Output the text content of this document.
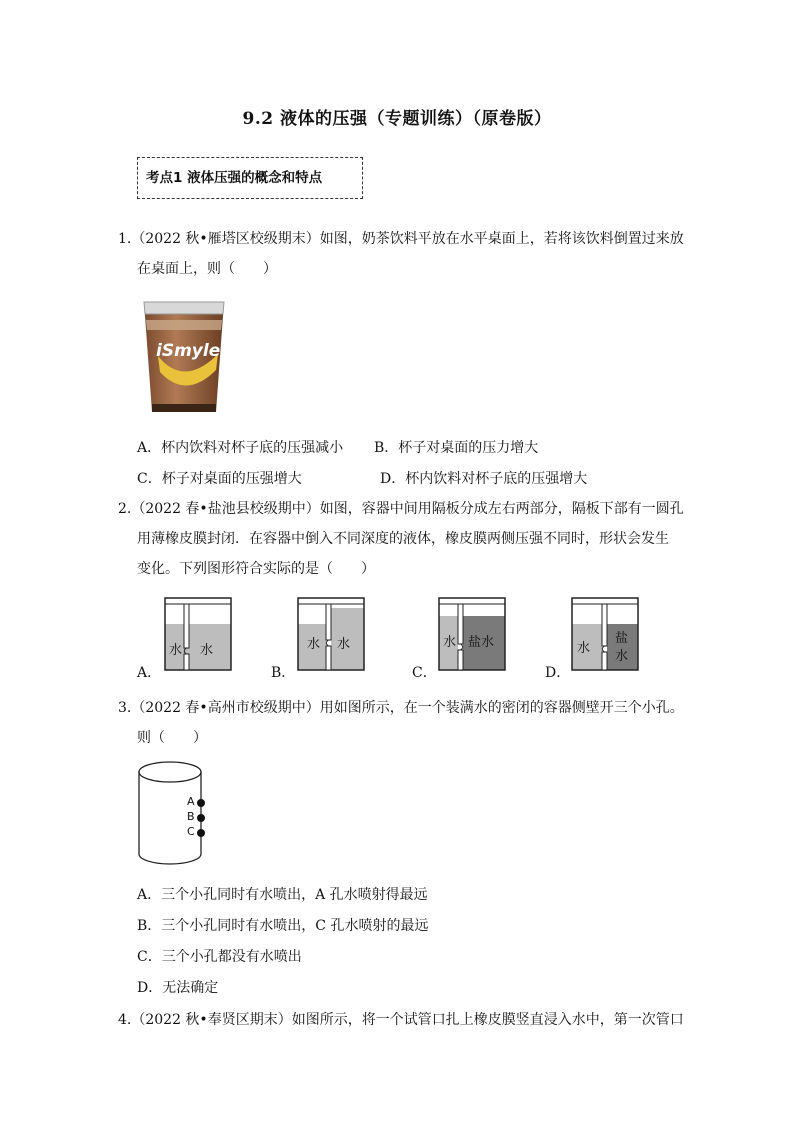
9.2 液体的压强（专题训练）（原卷版）
考点1 液体压强的概念和特点
1.（2022 秋•雁塔区校级期末）如图，奶茶饮料平放在水平桌面上，若将该饮料倒置过来放
在桌面上，则（　　）
iSmyle
A．杯内饮料对杯子底的压强减小 B．杯子对桌面的压力增大
C．杯子对桌面的压强增大	D．杯内饮料对杯子底的压强增大
2.（2022 春•盐池县校级期中）如图，容器中间用隔板分成左右两部分，隔板下部有一圆孔
用薄橡皮膜封闭．在容器中倒入不同深度的液体，橡皮膜两侧压强不同时，形状会发生
变化。下列图形符合实际的是（　　）
A．
水 水
B．
水 水
C．
水 盐水
D．
水
盐
水
3.（2022 春•高州市校级期中）用如图所示，在一个装满水的密闭的容器侧壁开三个小孔。
则（　　）
A
B
C
A．三个小孔同时有水喷出，A 孔水喷射得最远
B．三个小孔同时有水喷出，C 孔水喷射的最远
C．三个小孔都没有水喷出
D．无法确定
4.（2022 秋•奉贤区期末）如图所示，将一个试管口扎上橡皮膜竖直浸入水中，第一次管口
